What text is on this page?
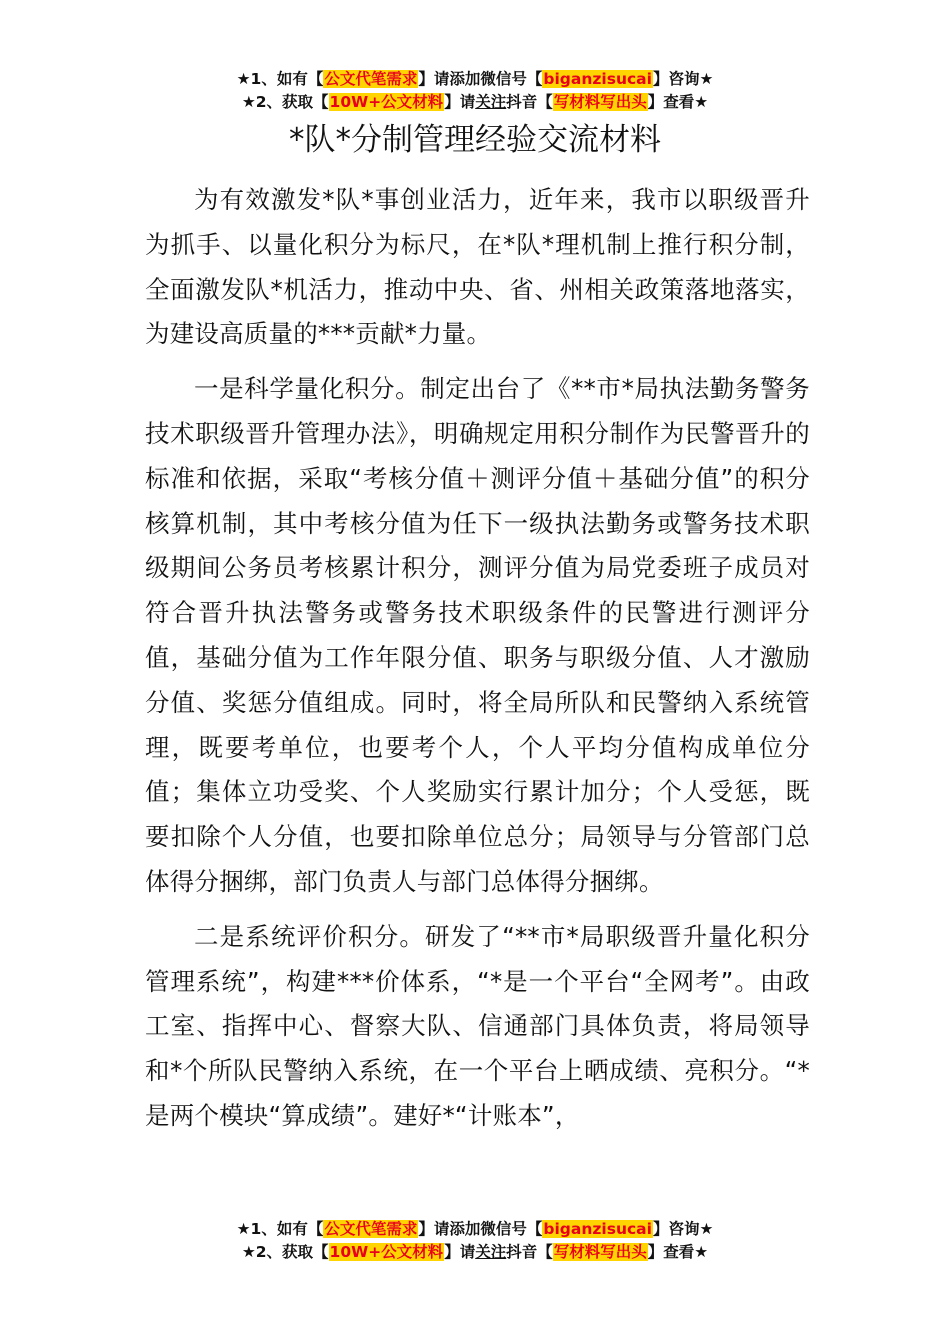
★1、如有【公文代笔需求】请添加微信号【biganzisucai】咨询★
★2、获取【10W+公文材料】请关注抖音【写材料写出头】查看★
*队*分制管理经验交流材料

为有效激发*队*事创业活力，近年来，我市以职级晋升为抓手、以量化积分为标尺，在*队*理机制上推行积分制，全面激发队*机活力，推动中央、省、州相关政策落地落实，为建设高质量的***贡献*力量。

一是科学量化积分。制定出台了《**市*局执法勤务警务技术职级晋升管理办法》，明确规定用积分制作为民警晋升的标准和依据，采取“考核分值＋测评分值＋基础分值”的积分核算机制，其中考核分值为任下一级执法勤务或警务技术职级期间公务员考核累计积分，测评分值为局党委班子成员对符合晋升执法警务或警务技术职级条件的民警进行测评分值，基础分值为工作年限分值、职务与职级分值、人才激励分值、奖惩分值组成。同时，将全局所队和民警纳入系统管理，既要考单位，也要考个人，个人平均分值构成单位分值；集体立功受奖、个人奖励实行累计加分；个人受惩，既要扣除个人分值，也要扣除单位总分；局领导与分管部门总体得分捆绑，部门负责人与部门总体得分捆绑。

二是系统评价积分。研发了“**市*局职级晋升量化积分管理系统”，构建***价体系，“*是一个平台“全网考”。由政工室、指挥中心、督察大队、信通部门具体负责，将局领导和*个所队民警纳入系统，在一个平台上晒成绩、亮积分。“*是两个模块“算成绩”。建好*“计账本”，

★1、如有【公文代笔需求】请添加微信号【biganzisucai】咨询★
★2、获取【10W+公文材料】请关注抖音【写材料写出头】查看★
